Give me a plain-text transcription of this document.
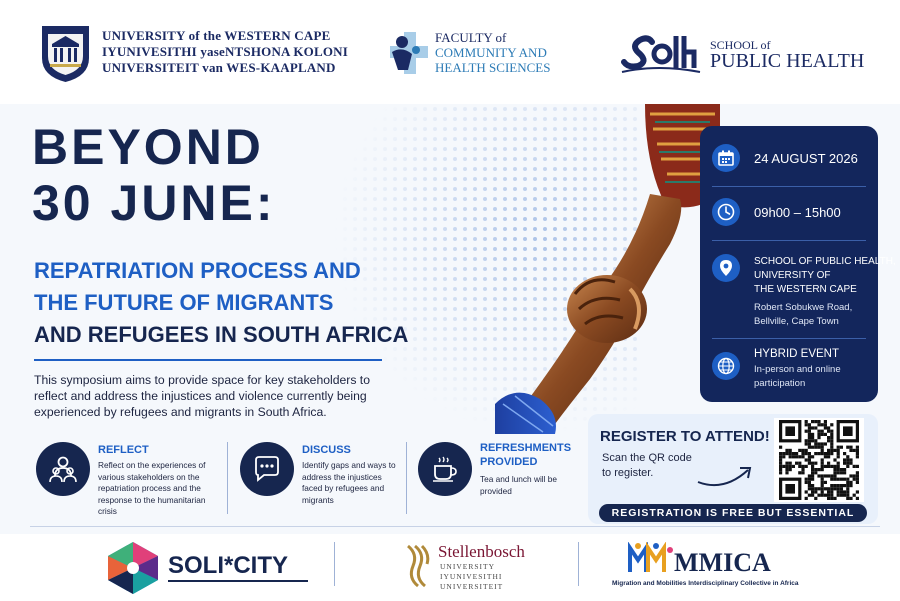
UNIVERSITY of the WESTERN CAPE
IYUNIVESITHI yaseNTSHONA KOLONI
UNIVERSITEIT van WES-KAAPLAND
FACULTY of
COMMUNITY AND
HEALTH SCIENCES
SCHOOL of
PUBLIC HEALTH
BEYOND
30 JUNE:
REPATRIATION PROCESS AND
THE FUTURE OF MIGRANTS
AND REFUGEES IN SOUTH AFRICA
This symposium aims to provide space for key stakeholders to reflect and address the injustices and violence currently being experienced by refugees and migrants in South Africa.
24 AUGUST 2026
09h00 – 15h00
SCHOOL OF PUBLIC HEALTH,
UNIVERSITY OF
THE WESTERN CAPE
Robert Sobukwe Road,
Bellville, Cape Town
HYBRID EVENT
In-person and online
participation
REFLECT
Reflect on the experiences of various stakeholders on the repatriation process and the response to the humanitarian crisis
DISCUSS
Identify gaps and ways to address the injustices faced by refugees and migrants
REFRESHMENTS
PROVIDED
Tea and lunch will be provided
REGISTER TO ATTEND!
Scan the QR code
to register.
REGISTRATION IS FREE BUT ESSENTIAL
SOLI*CITY
Stellenbosch
UNIVERSITY
IYUNIVESITHI
UNIVERSITEIT
MMICA
Migration and Mobilities Interdisciplinary Collective in Africa
